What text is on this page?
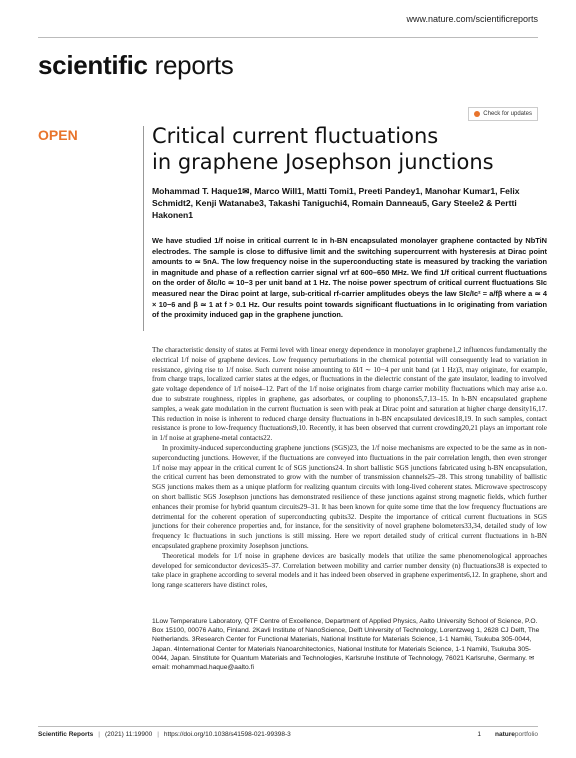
www.nature.com/scientificreports
scientific reports
Check for updates
OPEN	Critical current fluctuations
in graphene Josephson junctions

Mohammad T. Haque1✉, Marco Will1, Matti Tomi1, Preeti Pandey1, Manohar Kumar1, Felix Schmidt2, Kenji Watanabe3, Takashi Taniguchi4, Romain Danneau5, Gary Steele2 & Pertti Hakonen1

We have studied 1/f noise in critical current Ic in h-BN encapsulated monolayer graphene contacted by NbTiN electrodes. The sample is close to diffusive limit and the switching supercurrent with hysteresis at Dirac point amounts to ≃ 5nA. The low frequency noise in the superconducting state is measured by tracking the variation in magnitude and phase of a reflection carrier signal vrf at 600–650 MHz. We find 1/f critical current fluctuations on the order of δIc/Ic ≃ 10−3 per unit band at 1 Hz. The noise power spectrum of critical current fluctuations SIc measured near the Dirac point at large, sub-critical rf-carrier amplitudes obeys the law SIc/Ic² = a/fβ where a ≃ 4 × 10−6 and β ≃ 1 at f > 0.1 Hz. Our results point towards significant fluctuations in Ic originating from variation of the proximity induced gap in the graphene junction.

The characteristic density of states at Fermi level with linear energy dependence in monolayer graphene1,2 influences fundamentally the electrical 1/f noise of graphene devices. Low frequency perturbations in the chemical potential will consequently lead to variation in resistance, giving rise to 1/f noise. Such current noise amounting to δI/I ∼ 10−4 per unit band (at 1 Hz)3, may originate, for example, from charge traps, localized carrier states at the edges, or fluctuations in the dielectric constant of the gate insulator, leading to involved gate voltage dependence of 1/f noise4–12. Part of the 1/f noise originates from charge carrier mobility fluctuations which may arise a.o. due to substrate roughness, ripples in graphene, gas adsorbates, or coupling to phonons5,7,13–15. In h-BN encapsulated graphene samples, a weak gate modulation in the current fluctuation is seen with peak at Dirac point and saturation at higher charge density16,17. This reduction in noise is inherent to reduced charge density fluctuations in h-BN encapsulated devices18,19. In such samples, contact resistance is prone to low-frequency fluctuations9,10. Recently, it has been observed that current crowding20,21 plays an important role in 1/f noise at graphene-metal contacts22.

In proximity-induced superconducting graphene junctions (SGS)23, the 1/f noise mechanisms are expected to be the same as in non-superconducting junctions. However, if the fluctuations are conveyed into fluctuations in the pair correlation length, then even stronger 1/f noise may appear in the critical current Ic of SGS junctions24. In short ballistic SGS junctions fabricated using h-BN encapsulation, the critical current has been demonstrated to grow with the number of transmission channels25–28. This strong tunability of ballistic SGS junctions makes them as a unique platform for realizing quantum circuits with long-lived coherent states. Microwave spectroscopy on short ballistic SGS Josephson junctions has demonstrated resilience of these junctions against strong magnetic fields, which further enhances their promise for hybrid quantum circuits29–31. It has been known for quite some time that the low frequency fluctuations are detrimental for the coherent operation of superconducting qubits32. Despite the importance of critical current fluctuations in SGS junctions for their coherence properties and, for instance, for the sensitivity of novel graphene bolometers33,34, detailed study of low frequency Ic fluctuations in such junctions is still missing. Here we report detailed study of critical current fluctuations in h-BN encapsulated graphene proximity Josephson junctions.

Theoretical models for 1/f noise in graphene devices are basically models that utilize the same phenomenological approaches developed for semiconductor devices35–37. Correlation between mobility and carrier number density (n) fluctuations38 is expected to take place in graphene according to several models and it has indeed been observed in graphene experiments6,12. In graphene, short and long range scatterers have distinct roles,

1Low Temperature Laboratory, QTF Centre of Excellence, Department of Applied Physics, Aalto University School of Science, P.O. Box 15100, 00076 Aalto, Finland. 2Kavli Institute of NanoScience, Delft University of Technology, Lorentzweg 1, 2628 CJ Delft, The Netherlands. 3Research Center for Functional Materials, National Institute for Materials Science, 1-1 Namiki, Tsukuba 305-0044, Japan. 4International Center for Materials Nanoarchitectonics, National Institute for Materials Science, 1-1 Namiki, Tsukuba 305-0044, Japan. 5Institute for Quantum Materials and Technologies, Karlsruhe Institute of Technology, 76021 Karlsruhe, Germany. ✉email: mohammad.haque@aalto.fi

Scientific Reports | (2021) 11:19900 | https://doi.org/10.1038/s41598-021-99398-3	1 natureportfolio
